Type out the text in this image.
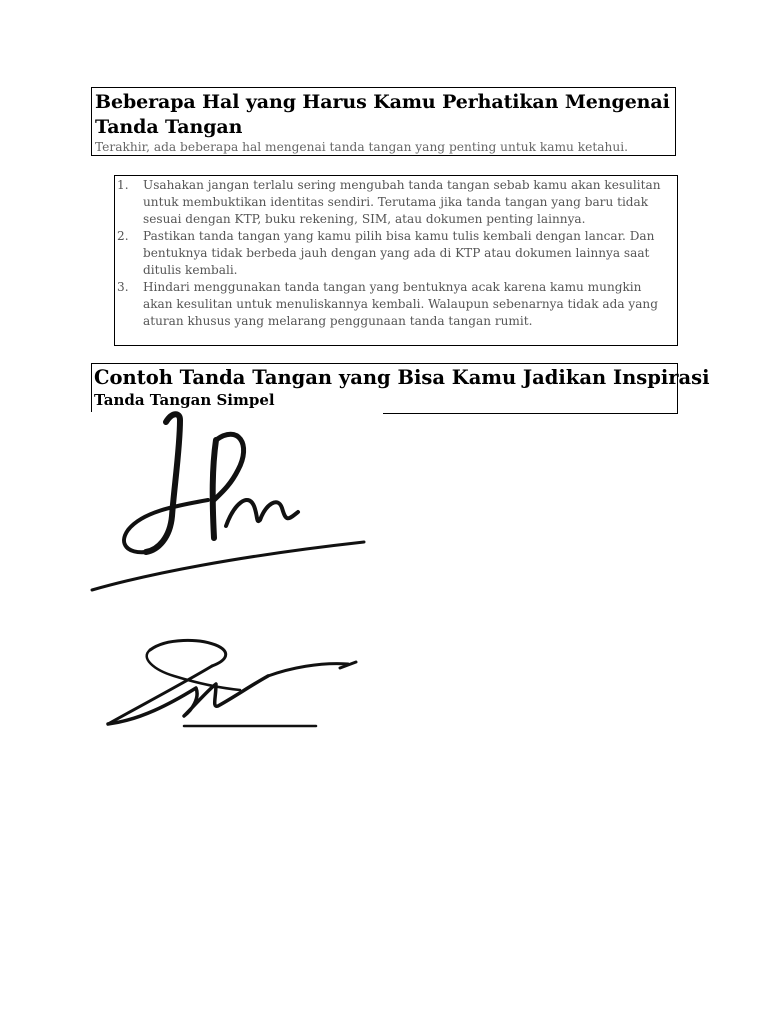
Beberapa Hal yang Harus Kamu Perhatikan Mengenai Tanda Tangan

Terakhir, ada beberapa hal mengenai tanda tangan yang penting untuk kamu ketahui.

1.	Usahakan jangan terlalu sering mengubah tanda tangan sebab kamu akan kesulitan untuk membuktikan identitas sendiri. Terutama jika tanda tangan yang baru tidak sesuai dengan KTP, buku rekening, SIM, atau dokumen penting lainnya.
2.	Pastikan tanda tangan yang kamu pilih bisa kamu tulis kembali dengan lancar. Dan bentuknya tidak berbeda jauh dengan yang ada di KTP atau dokumen lainnya saat ditulis kembali.
3.	Hindari menggunakan tanda tangan yang bentuknya acak karena kamu mungkin akan kesulitan untuk menuliskannya kembali. Walaupun sebenarnya tidak ada yang aturan khusus yang melarang penggunaan tanda tangan rumit.
Contoh Tanda Tangan yang Bisa Kamu Jadikan Inspirasi
Tanda Tangan Simpel
